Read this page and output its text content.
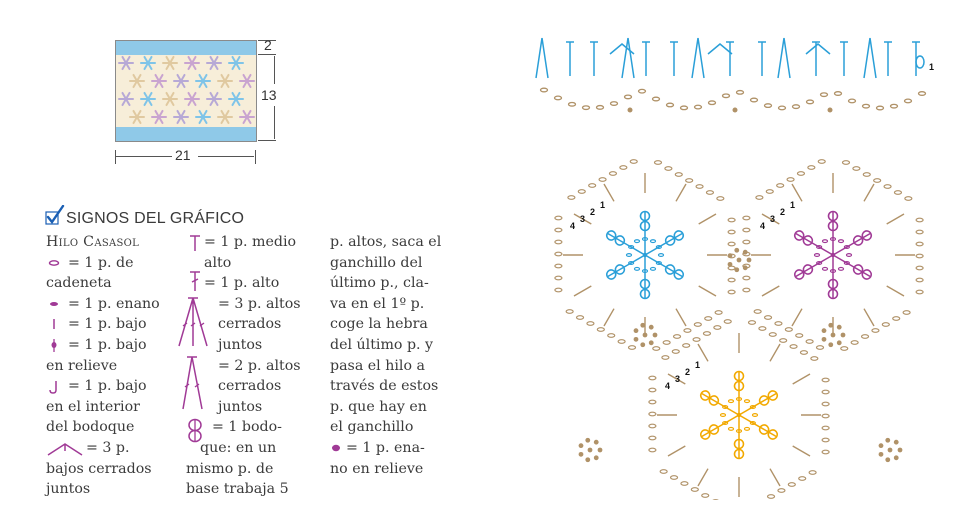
2
13
21
SIGNOS DEL GRÁFICO
Hilo Casasol
= 1 p. de
cadeneta
= 1 p. enano
= 1 p. bajo
= 1 p. bajo
en relieve
= 1 p. bajo
en el interior
del bodoque
= 3 p.
bajos cerrados
juntos
= 1 p. medio
alto
= 1 p. alto
= 3 p. altos
cerrados
juntos
= 2 p. altos
cerrados
juntos
= 1 bodo-
que: en un
mismo p. de
base trabaja 5
p. altos, saca el
ganchillo del
último p., cla-
va en el 1º p.
coge la hebra
del último p. y
pasa el hilo a
través de estos
p. que hay en
el ganchillo
= 1 p. ena-
no en relieve
4
3
2
1
4
3
2
1
4
3
2
1
1
